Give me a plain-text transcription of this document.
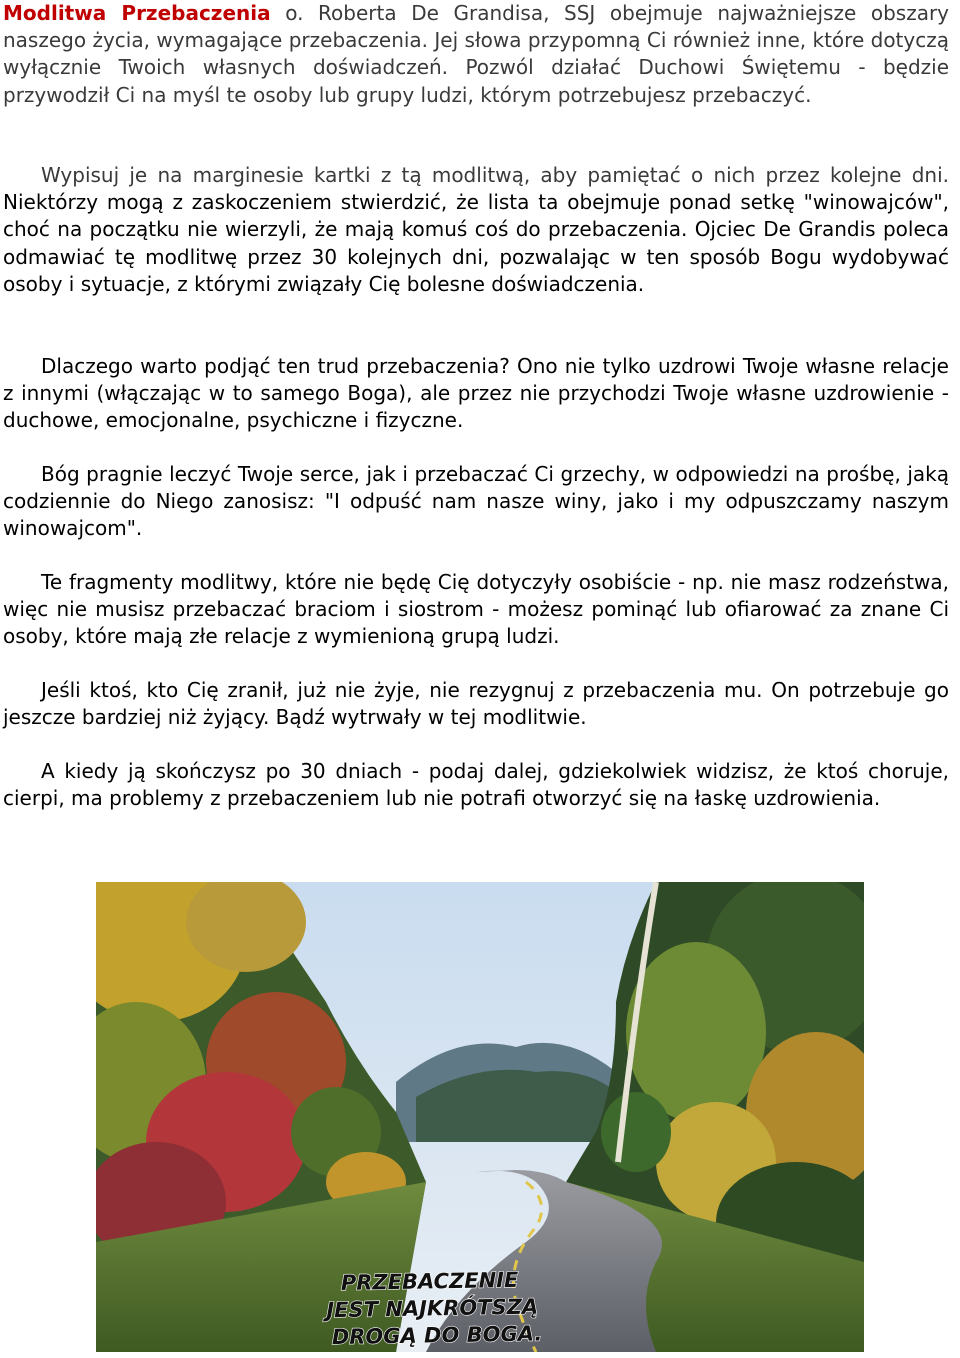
Modlitwa Przebaczenia o. Roberta De Grandisa, SSJ obejmuje najważniejsze obszary naszego życia, wymagające przebaczenia. Jej słowa przypomną Ci również inne, które dotyczą wyłącznie Twoich własnych doświadczeń. Pozwól działać Duchowi Świętemu - będzie przywodził Ci na myśl te osoby lub grupy ludzi, którym potrzebujesz przebaczyć.

Wypisuj je na marginesie kartki z tą modlitwą, aby pamiętać o nich przez kolejne dni. Niektórzy mogą z zaskoczeniem stwierdzić, że lista ta obejmuje ponad setkę "winowajców", choć na początku nie wierzyli, że mają komuś coś do przebaczenia. Ojciec De Grandis poleca odmawiać tę modlitwę przez 30 kolejnych dni, pozwalając w ten sposób Bogu wydobywać osoby i sytuacje, z którymi związały Cię bolesne doświadczenia.

Dlaczego warto podjąć ten trud przebaczenia? Ono nie tylko uzdrowi Twoje własne relacje z innymi (włączając w to samego Boga), ale przez nie przychodzi Twoje własne uzdrowienie - duchowe, emocjonalne, psychiczne i fizyczne.

Bóg pragnie leczyć Twoje serce, jak i przebaczać Ci grzechy, w odpowiedzi na prośbę, jaką codziennie do Niego zanosisz: "I odpuść nam nasze winy, jako i my odpuszczamy naszym winowajcom".

Te fragmenty modlitwy, które nie będę Cię dotyczyły osobiście - np. nie masz rodzeństwa, więc nie musisz przebaczać braciom i siostrom - możesz pominąć lub ofiarować za znane Ci osoby, które mają złe relacje z wymienioną grupą ludzi.

Jeśli ktoś, kto Cię zranił, już nie żyje, nie rezygnuj z przebaczenia mu. On potrzebuje go jeszcze bardziej niż żyjący. Bądź wytrwały w tej modlitwie.

A kiedy ją skończysz po 30 dniach - podaj dalej, gdziekolwiek widzisz, że ktoś choruje, cierpi, ma problemy z przebaczeniem lub nie potrafi otworzyć się na łaskę uzdrowienia.

PRZEBACZENIE
JEST NAJKRÓTSZĄ
DROGĄ DO BOGA.
